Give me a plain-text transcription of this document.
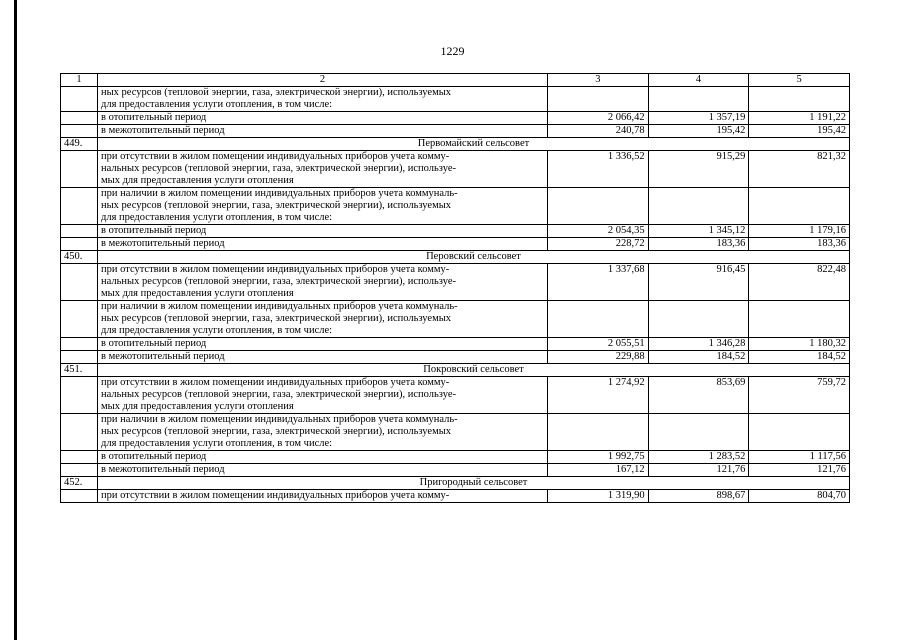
1229
1	2	3	4	5

	ных ресурсов (тепловой энергии, газа, электрической энергии), используемых
для предоставления услуги отопления, в том числе:			

	в отопительный период	2 066,42	1 357,19	1 191,22

	в межотопительный период	240,78	195,42	195,42
449.	Первомайский сельсовет			

	при отсутствии в жилом помещении индивидуальных приборов учета комму-
нальных ресурсов (тепловой энергии, газа, электрической энергии), используе-
мых для предоставления услуги отопления	1 336,52	915,29	821,32

	при наличии в жилом помещении индивидуальных приборов учета коммуналь-
ных ресурсов (тепловой энергии, газа, электрической энергии), используемых
для предоставления услуги отопления, в том числе:			

	в отопительный период	2 054,35	1 345,12	1 179,16

	в межотопительный период	228,72	183,36	183,36
450.	Перовский сельсовет			

	при отсутствии в жилом помещении индивидуальных приборов учета комму-
нальных ресурсов (тепловой энергии, газа, электрической энергии), используе-
мых для предоставления услуги отопления	1 337,68	916,45	822,48

	при наличии в жилом помещении индивидуальных приборов учета коммуналь-
ных ресурсов (тепловой энергии, газа, электрической энергии), используемых
для предоставления услуги отопления, в том числе:			

	в отопительный период	2 055,51	1 346,28	1 180,32

	в межотопительный период	229,88	184,52	184,52
451.	Покровский сельсовет			

	при отсутствии в жилом помещении индивидуальных приборов учета комму-
нальных ресурсов (тепловой энергии, газа, электрической энергии), используе-
мых для предоставления услуги отопления	1 274,92	853,69	759,72

	при наличии в жилом помещении индивидуальных приборов учета коммуналь-
ных ресурсов (тепловой энергии, газа, электрической энергии), используемых
для предоставления услуги отопления, в том числе:			

	в отопительный период	1 992,75	1 283,52	1 117,56

	в межотопительный период	167,12	121,76	121,76
452.	Пригородный сельсовет			

	при отсутствии в жилом помещении индивидуальных приборов учета комму-	1 319,90	898,67	804,70
